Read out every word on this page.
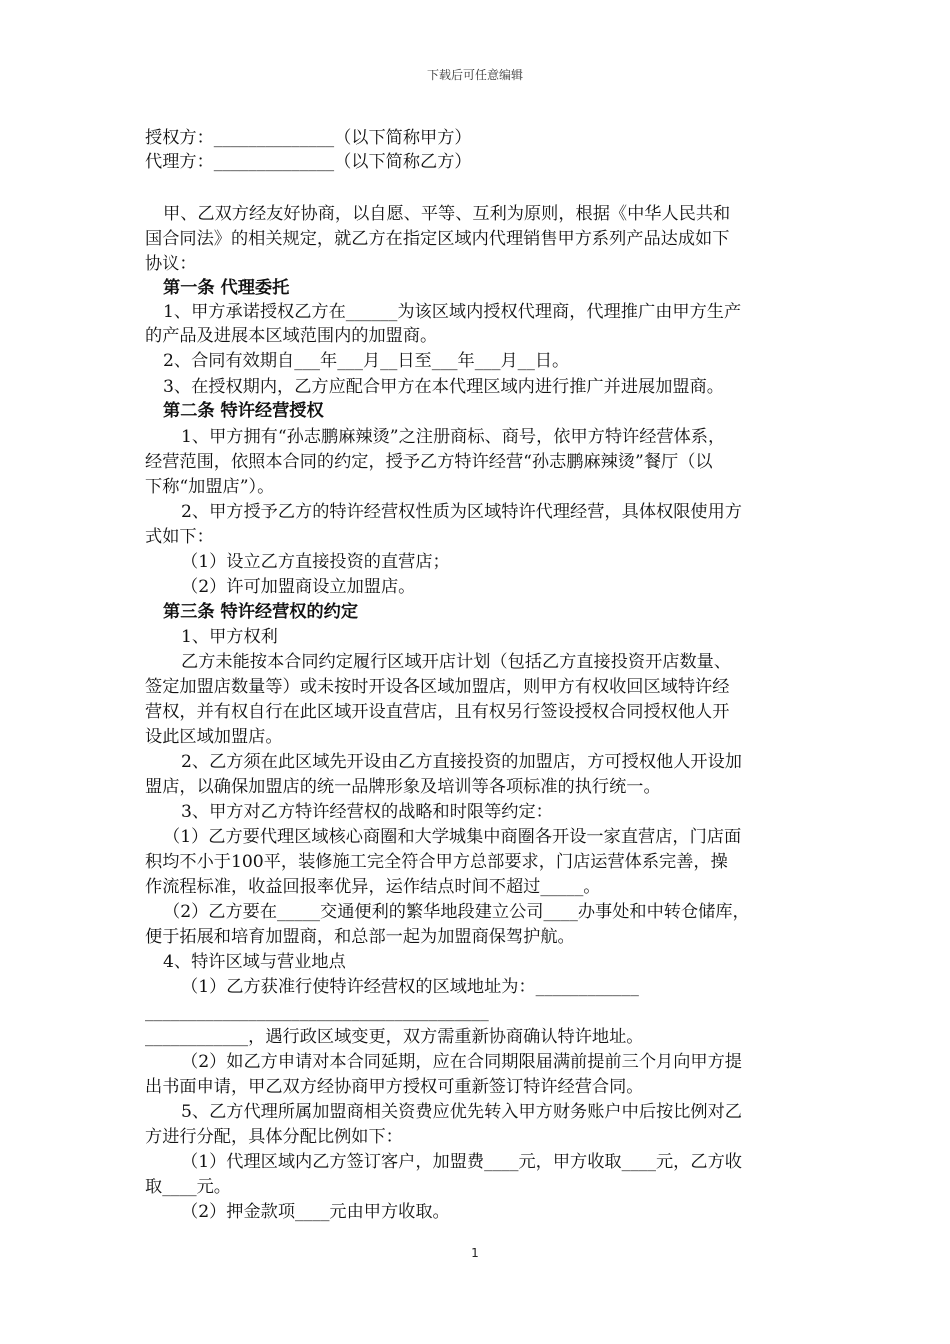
下载后可任意编辑
授权方：______________（以下简称甲方）
代理方：______________（以下简称乙方）
甲、乙双方经友好协商，以自愿、平等、互利为原则，根据《中华人民共和
国合同法》的相关规定，就乙方在指定区域内代理销售甲方系列产品达成如下
协议：
第一条 代理委托
1、甲方承诺授权乙方在______为该区域内授权代理商，代理推广由甲方生产
的产品及进展本区域范围内的加盟商。
2、合同有效期自___年___月__日至___年___月__日。
3、在授权期内，乙方应配合甲方在本代理区域内进行推广并进展加盟商。
第二条 特许经营授权
1、甲方拥有“孙志鹏麻辣烫”之注册商标、商号，依甲方特许经营体系，
经营范围，依照本合同的约定，授予乙方特许经营“孙志鹏麻辣烫”餐厅（以
下称“加盟店”）。
2、甲方授予乙方的特许经营权性质为区域特许代理经营，具体权限使用方
式如下：
（1）设立乙方直接投资的直营店；
（2）许可加盟商设立加盟店。
第三条 特许经营权的约定
1、甲方权利
乙方未能按本合同约定履行区域开店计划（包括乙方直接投资开店数量、
签定加盟店数量等）或未按时开设各区域加盟店，则甲方有权收回区域特许经
营权，并有权自行在此区域开设直营店，且有权另行签设授权合同授权他人开
设此区域加盟店。
2、乙方须在此区域先开设由乙方直接投资的加盟店，方可授权他人开设加
盟店，以确保加盟店的统一品牌形象及培训等各项标准的执行统一。
3、甲方对乙方特许经营权的战略和时限等约定：
（1）乙方要代理区域核心商圈和大学城集中商圈各开设一家直营店，门店面
积均不小于100平，装修施工完全符合甲方总部要求，门店运营体系完善，操
作流程标准，收益回报率优异，运作结点时间不超过_____。
（2）乙方要在_____交通便利的繁华地段建立公司____办事处和中转仓储库，
便于拓展和培育加盟商，和总部一起为加盟商保驾护航。
4、特许区域与营业地点
（1）乙方获准行使特许经营权的区域地址为：____________
________________________________________
____________，遇行政区域变更，双方需重新协商确认特许地址。
（2）如乙方申请对本合同延期，应在合同期限届满前提前三个月向甲方提
出书面申请，甲乙双方经协商甲方授权可重新签订特许经营合同。
5、乙方代理所属加盟商相关资费应优先转入甲方财务账户中后按比例对乙
方进行分配，具体分配比例如下：
（1）代理区域内乙方签订客户，加盟费____元，甲方收取____元，乙方收
取____元。
（2）押金款项____元由甲方收取。
1
